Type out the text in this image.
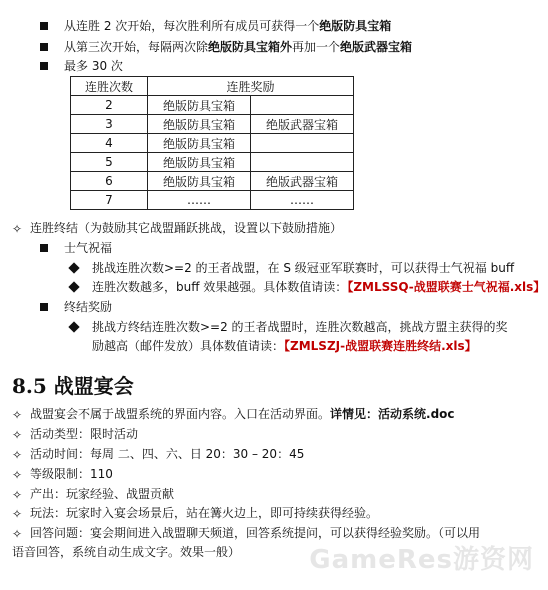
从连胜 2 次开始，每次胜利所有成员可获得一个绝版防具宝箱
从第三次开始，每隔两次除绝版防具宝箱外再加一个绝版武器宝箱
最多 30 次
连胜次数	连胜奖励	
2	绝版防具宝箱	
3	绝版防具宝箱	绝版武器宝箱
4	绝版防具宝箱	
5	绝版防具宝箱	
6	绝版防具宝箱	绝版武器宝箱
7	……	……
✧ 连胜终结（为鼓励其它战盟踊跃挑战，设置以下鼓励措施）
士气祝福
挑战连胜次数>=2 的王者战盟，在 S 级冠亚军联赛时，可以获得士气祝福 buff
连胜次数越多，buff 效果越强。具体数值请读：【ZMLSSQ-战盟联赛士气祝福.xls】
终结奖励
挑战方终结连胜次数>=2 的王者战盟时，连胜次数越高，挑战方盟主获得的奖
励越高（邮件发放）具体数值请读：【ZMLSZJ-战盟联赛连胜终结.xls】
8.5 战盟宴会
✧ 战盟宴会不属于战盟系统的界面内容。入口在活动界面。详情见：活动系统.doc
✧ 活动类型：限时活动
✧ 活动时间：每周 二、四、六、日 20：30 – 20：45
✧ 等级限制：110
✧ 产出：玩家经验、战盟贡献
✧ 玩法：玩家时入宴会场景后，站在篝火边上，即可持续获得经验。
✧ 回答问题：宴会期间进入战盟聊天频道，回答系统提问，可以获得经验奖励。（可以用
语音回答，系统自动生成文字。效果一般）	GameRes游资网
